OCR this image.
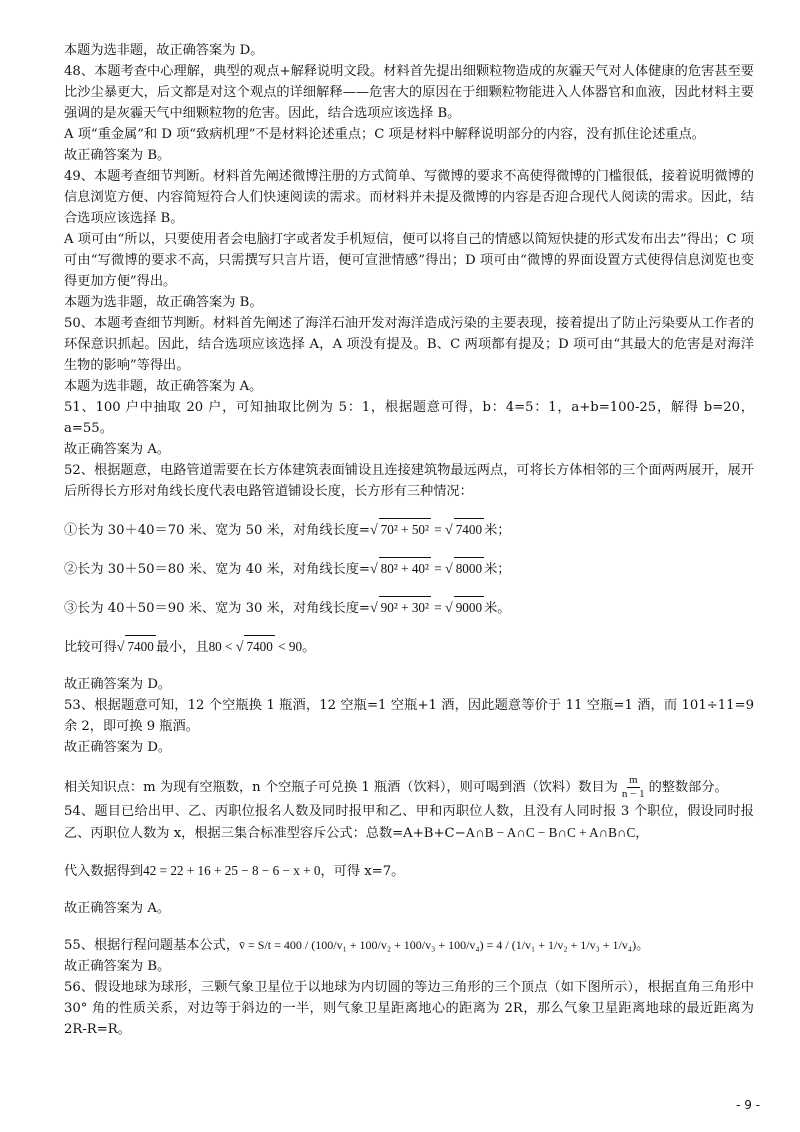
本题为选非题，故正确答案为 D。

48、本题考查中心理解，典型的观点+解释说明文段。材料首先提出细颗粒物造成的灰霾天气对人体健康的危害甚至要比沙尘暴更大，后文都是对这个观点的详细解释——危害大的原因在于细颗粒物能进入人体器官和血液，因此材料主要强调的是灰霾天气中细颗粒物的危害。因此，结合选项应该选择 B。

A 项“重金属”和 D 项“致病机理”不是材料论述重点；C 项是材料中解释说明部分的内容，没有抓住论述重点。

故正确答案为 B。

49、本题考查细节判断。材料首先阐述微博注册的方式简单、写微博的要求不高使得微博的门槛很低，接着说明微博的信息浏览方便、内容简短符合人们快速阅读的需求。而材料并未提及微博的内容是否迎合现代人阅读的需求。因此，结合选项应该选择 B。

A 项可由“所以，只要使用者会电脑打字或者发手机短信，便可以将自己的情感以简短快捷的形式发布出去”得出；C 项可由“写微博的要求不高，只需撰写只言片语，便可宣泄情感”得出；D 项可由“微博的界面设置方式使得信息浏览也变得更加方便”得出。

本题为选非题，故正确答案为 B。

50、本题考查细节判断。材料首先阐述了海洋石油开发对海洋造成污染的主要表现，接着提出了防止污染要从工作者的环保意识抓起。因此，结合选项应该选择 A，A 项没有提及。B、C 两项都有提及；D 项可由“其最大的危害是对海洋生物的影响”等得出。

本题为选非题，故正确答案为 A。

51、100 户中抽取 20 户，可知抽取比例为 5：1，根据题意可得，b：4=5：1，a+b=100-25，解得 b=20，a=55。

故正确答案为 A。

52、根据题意，电路管道需要在长方体建筑表面铺设且连接建筑物最远两点，可将长方体相邻的三个面两两展开，展开后所得长方形对角线长度代表电路管道铺设长度，长方形有三种情况：

①长为 30＋40＝70 米、宽为 50 米，对角线长度=√ 70² + 50² = √ 7400 米；

②长为 30＋50＝80 米、宽为 40 米，对角线长度=√ 80² + 40² = √ 8000 米；

③长为 40＋50＝90 米、宽为 30 米，对角线长度=√ 90² + 30² = √ 9000 米。

比较可得√ 7400 最小，且80 < √ 7400 < 90。

故正确答案为 D。

53、根据题意可知，12 个空瓶换 1 瓶酒，12 空瓶=1 空瓶+1 酒，因此题意等价于 11 空瓶=1 酒，而 101÷11=9 余 2，即可换 9 瓶酒。

故正确答案为 D。

相关知识点：m 为现有空瓶数，n 个空瓶子可兑换 1 瓶酒（饮料），则可喝到酒（饮料）数目为 $\frac{m}{n - 1}$ 的整数部分。

54、题目已给出甲、乙、丙职位报名人数及同时报甲和乙、甲和丙职位人数，且没有人同时报 3 个职位，假设同时报乙、丙职位人数为 x，根据三集合标准型容斥公式：总数=A+B+C−A∩B − A∩C − B∩C + A∩B∩C，

代入数据得到42 = 22 + 16 + 25 − 8 − 6 − x + 0，可得 x=7。

故正确答案为 A。

55、根据行程问题基本公式，v̄ = S/t = 400 / (100/v₁ + 100/v₂ + 100/v₃ + 100/v₄) = 4 / (1/v₁ + 1/v₂ + 1/v₃ + 1/v₄)。

故正确答案为 B。

56、假设地球为球形，三颗气象卫星位于以地球为内切圆的等边三角形的三个顶点（如下图所示），根据直角三角形中 30° 角的性质关系，对边等于斜边的一半，则气象卫星距离地心的距离为 2R，那么气象卫星距离地球的最近距离为 2R-R=R。

- 9 -
